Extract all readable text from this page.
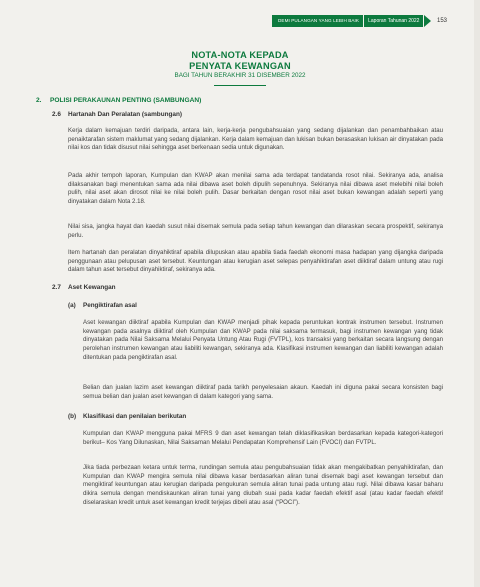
DEMI PULANGAN YANG LEBIH BAIK	Laporan Tahunan 2022	153
NOTA-NOTA KEPADA
PENYATA KEWANGAN
BAGI TAHUN BERAKHIR 31 DISEMBER 2022
2. POLISI PERAKAUNAN PENTING (SAMBUNGAN)
2.6 Hartanah Dan Peralatan (sambungan)
Kerja dalam kemajuan terdiri daripada, antara lain, kerja-kerja pengubahsuaian yang sedang dijalankan dan penambahbaikan atau penaiktarafan sistem maklumat yang sedang dijalankan. Kerja dalam kemajuan dan lukisan bukan berasaskan lukisan air dinyatakan pada nilai kos dan tidak disusut nilai sehingga aset berkenaan sedia untuk digunakan.
Pada akhir tempoh laporan, Kumpulan dan KWAP akan menilai sama ada terdapat tandatanda rosot nilai. Sekiranya ada, analisa dilaksanakan bagi menentukan sama ada nilai dibawa aset boleh dipulih sepenuhnya. Sekiranya nilai dibawa aset melebihi nilai boleh pulih, nilai aset akan dirosot nilai ke nilai boleh pulih. Dasar berkaitan dengan rosot nilai aset bukan kewangan adalah seperti yang dinyatakan dalam Nota 2.18.
Nilai sisa, jangka hayat dan kaedah susut nilai disemak semula pada setiap tahun kewangan dan dilaraskan secara prospektif, sekiranya perlu.
Item hartanah dan peralatan dinyahiktiraf apabila dilupuskan atau apabila tiada faedah ekonomi masa hadapan yang dijangka daripada penggunaan atau pelupusan aset tersebut. Keuntungan atau kerugian aset selepas penyahiktirafan aset diiktiraf dalam untung atau rugi dalam tahun aset tersebut dinyahiktiraf, sekiranya ada.
2.7 Aset Kewangan
(a) Pengiktirafan asal
Aset kewangan diiktiraf apabila Kumpulan dan KWAP menjadi pihak kepada peruntukan kontrak instrumen tersebut. Instrumen kewangan pada asalnya diiktiraf oleh Kumpulan dan KWAP pada nilai saksama termasuk, bagi instrumen kewangan yang tidak dinyatakan pada Nilai Saksama Melalui Penyata Untung Atau Rugi (FVTPL), kos transaksi yang berkaitan secara langsung dengan perolehan instrumen kewangan atau liabiliti kewangan, sekiranya ada. Klasifikasi instrumen kewangan dan liabiliti kewangan adalah ditentukan pada pengiktirafan asal.
Belian dan jualan lazim aset kewangan diiktiraf pada tarikh penyelesaian akaun. Kaedah ini diguna pakai secara konsisten bagi semua belian dan jualan aset kewangan di dalam kategori yang sama.
(b) Klasifikasi dan penilaian berikutan
Kumpulan dan KWAP mengguna pakai MFRS 9 dan aset kewangan telah diklasifikasikan berdasarkan kepada kategori-kategori berikut– Kos Yang Dilunaskan, Nilai Saksaman Melalui Pendapatan Komprehensif Lain (FVOCI) dan FVTPL.
Jika tiada perbezaan ketara untuk terma, rundingan semula atau pengubahsuaian tidak akan mengakibatkan penyahiktirafan, dan Kumpulan dan KWAP mengira semula nilai dibawa kasar berdasarkan aliran tunai disemak bagi aset kewangan tersebut dan mengiktiraf keuntungan atau kerugian daripada pengukuran semula aliran tunai pada untung atau rugi. Nilai dibawa kasar baharu dikira semula dengan mendiskaunkan aliran tunai yang diubah suai pada kadar faedah efektif asal (atau kadar faedah efektif diselaraskan kredit untuk aset kewangan kredit terjejas dibeli atau asal (“POCI”).
